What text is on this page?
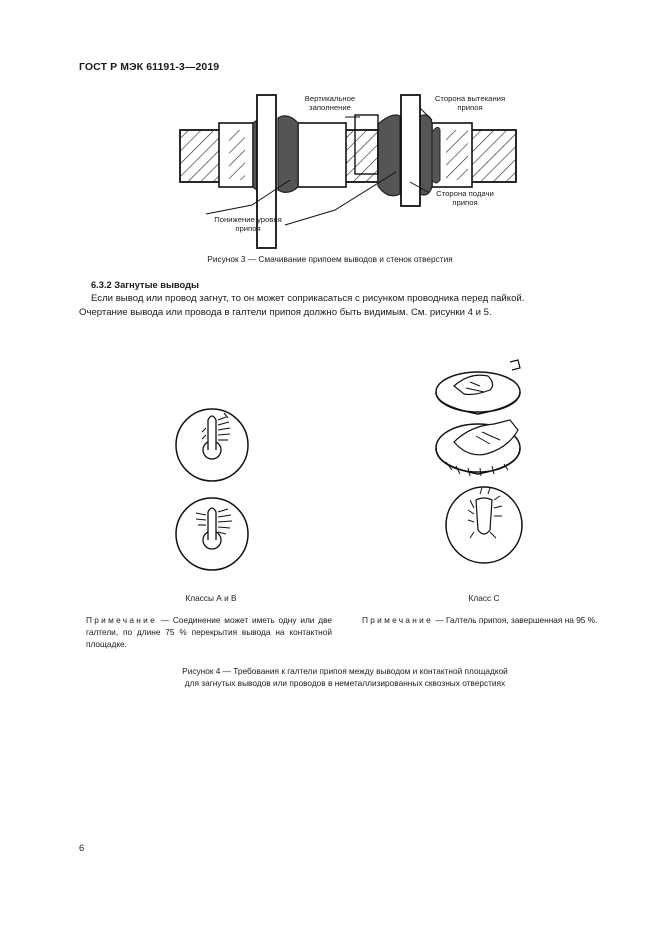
ГОСТ Р МЭК 61191-3—2019
Вертикальное
заполнение
Сторона вытекания
припоя
Сторона подачи
припоя
Понижение уровня
припоя
Рисунок 3 — Смачивание припоем выводов и стенок отверстия
6.3.2 Загнутые выводы
Если вывод или провод загнут, то он может соприкасаться с рисунком проводника перед пайкой.
Очертание вывода или провода в галтели припоя должно быть видимым. См. рисунки 4 и 5.
Классы А и В	Класс С
Примечание — Соединение может иметь одну или две галтели, по длине 75 % перекрытия вывода на контактной площадке.
Примечание — Галтель припоя, завершенная на 95 %.
Рисунок 4 — Требования к галтели припоя между выводом и контактной площадкой
для загнутых выводов или проводов в неметаллизированных сквозных отверстиях
6
